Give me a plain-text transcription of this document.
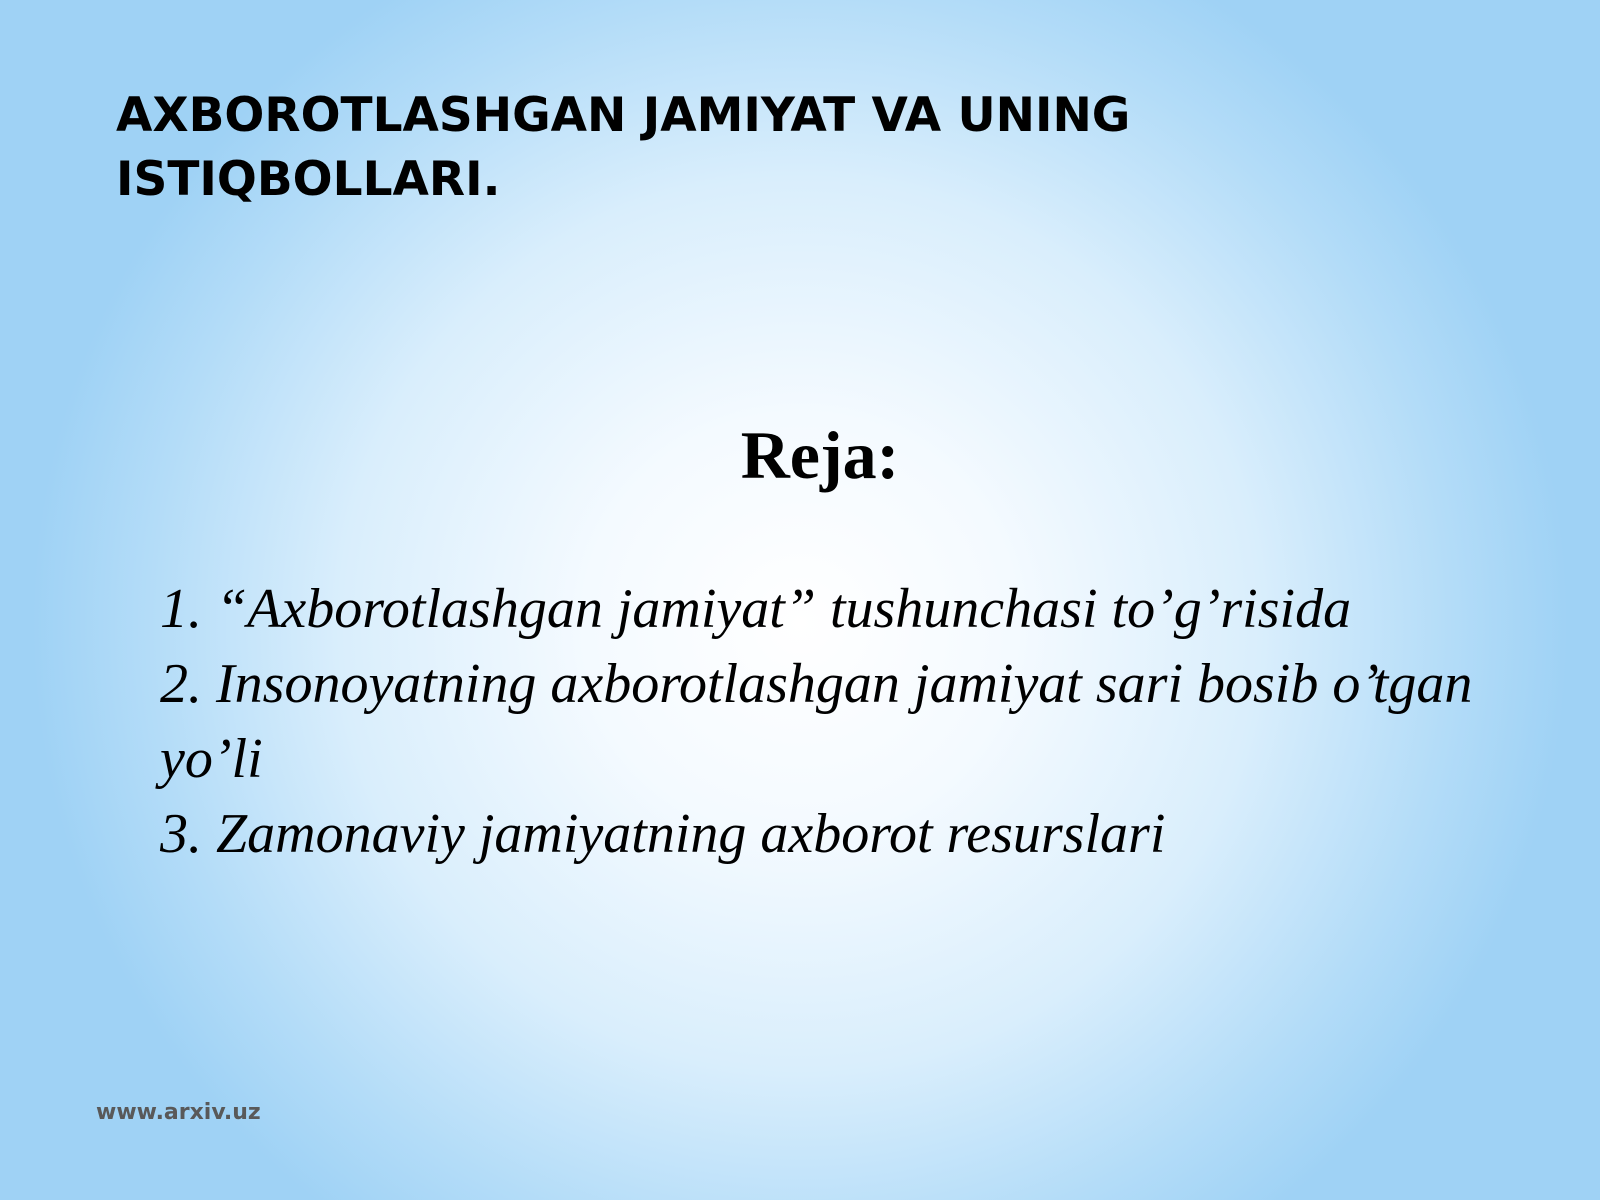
AXBOROTLASHGAN JAMIYAT VA UNING
ISTIQBOLLARI.
Reja:
1. “Axborotlashgan jamiyat” tushunchasi to’g’risida
2. Insonoyatning axborotlashgan jamiyat sari bosib o’tgan yo’li
3. Zamonaviy jamiyatning axborot resurslari
www.arxiv.uz
